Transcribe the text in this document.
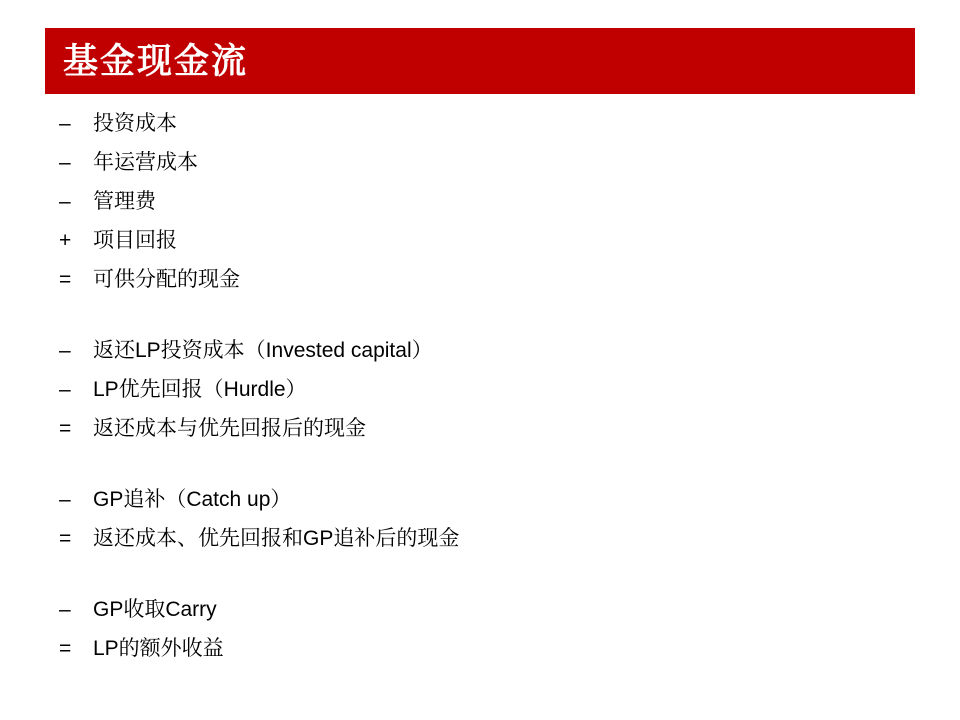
基金现金流
–	投资成本
–	年运营成本
–	管理费
+	项目回报
=	可供分配的现金
–	返还LP投资成本（Invested capital）
–	LP优先回报（Hurdle）
=	返还成本与优先回报后的现金
–	GP追补（Catch up）
=	返还成本、优先回报和GP追补后的现金
–	GP收取Carry
=	LP的额外收益
